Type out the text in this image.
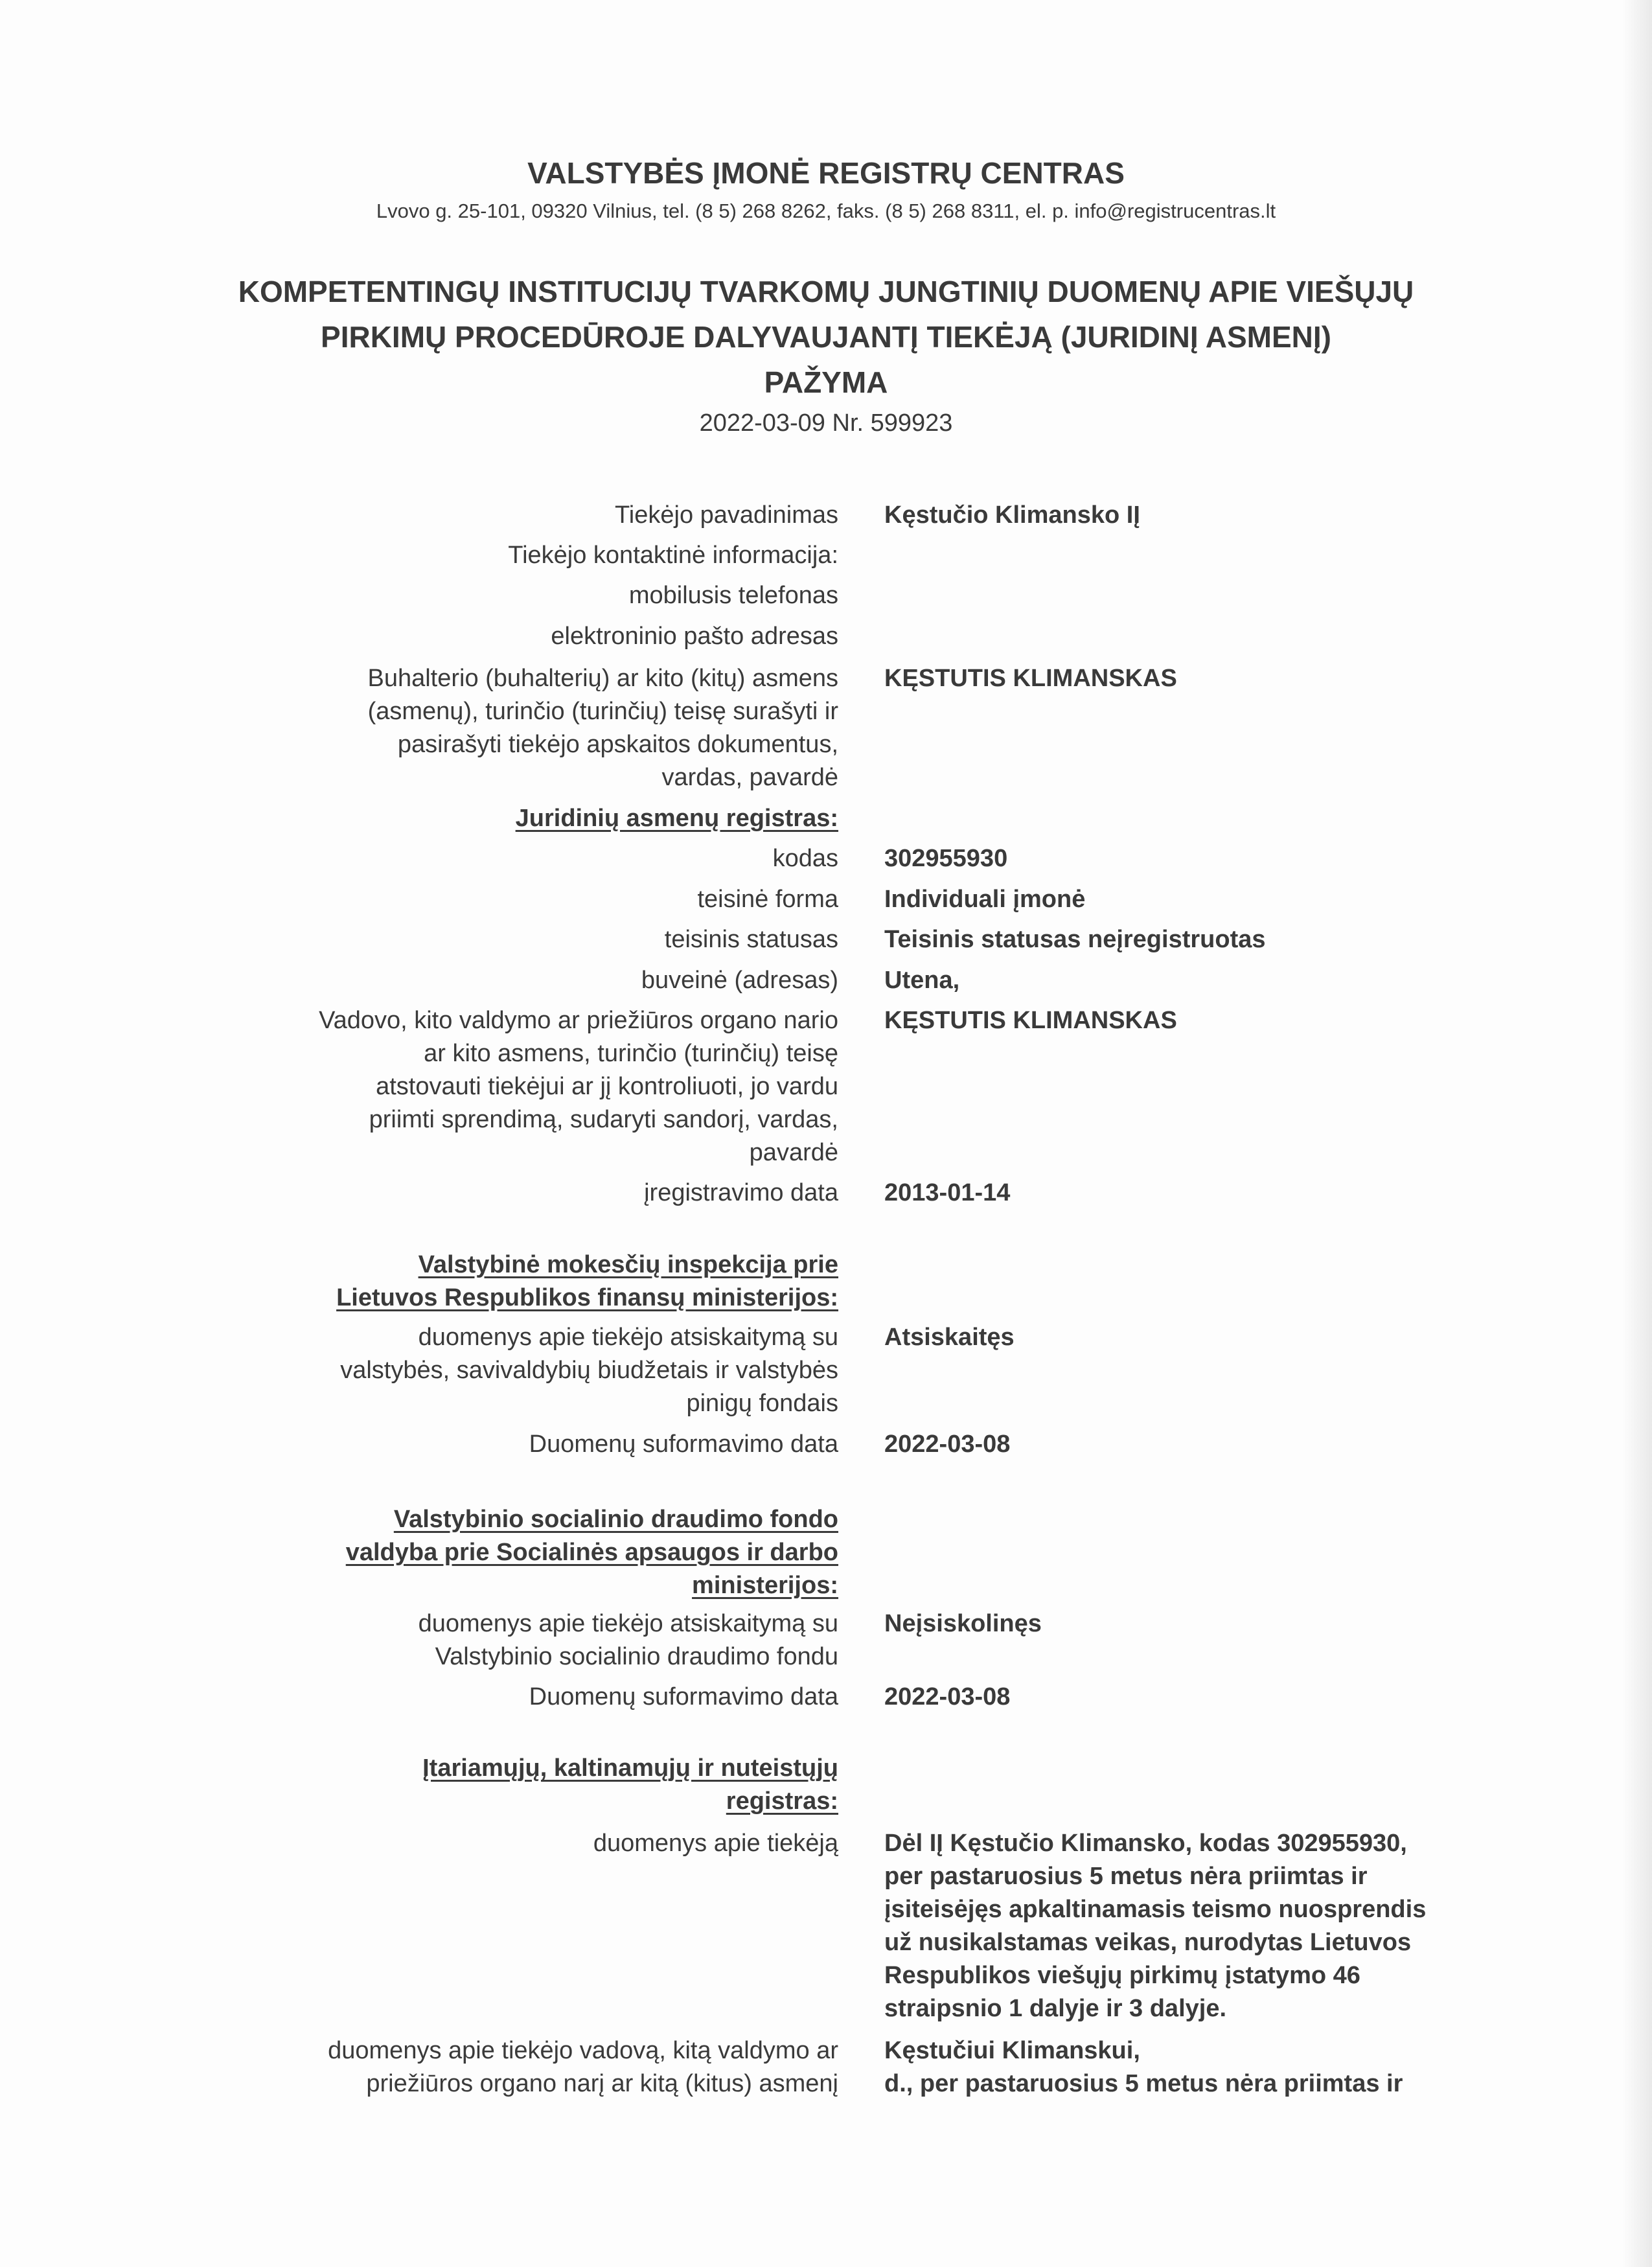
VALSTYBĖS ĮMONĖ REGISTRŲ CENTRAS
Lvovo g. 25-101, 09320 Vilnius, tel. (8 5) 268 8262, faks. (8 5) 268 8311, el. p. info@registrucentras.lt
KOMPETENTINGŲ INSTITUCIJŲ TVARKOMŲ JUNGTINIŲ DUOMENŲ APIE VIEŠŲJŲ
PIRKIMŲ PROCEDŪROJE DALYVAUJANTĮ TIEKĖJĄ (JURIDINĮ ASMENĮ)
PAŽYMA
2022-03-09 Nr. 599923
Tiekėjo pavadinimas Kęstučio Klimansko IĮ
Tiekėjo kontaktinė informacija:
mobilusis telefonas
elektroninio pašto adresas
Buhalterio (buhalterių) ar kito (kitų) asmens
(asmenų), turinčio (turinčių) teisę surašyti ir
pasirašyti tiekėjo apskaitos dokumentus,
vardas, pavardė
KĘSTUTIS KLIMANSKAS
Juridinių asmenų registras:
kodas 302955930
teisinė forma Individuali įmonė
teisinis statusas Teisinis statusas neįregistruotas
buveinė (adresas) Utena,
Vadovo, kito valdymo ar priežiūros organo nario
ar kito asmens, turinčio (turinčių) teisę
atstovauti tiekėjui ar jį kontroliuoti, jo vardu
priimti sprendimą, sudaryti sandorį, vardas,
pavardė
KĘSTUTIS KLIMANSKAS
įregistravimo data 2013-01-14
Valstybinė mokesčių inspekcija prie
Lietuvos Respublikos finansų ministerijos:
duomenys apie tiekėjo atsiskaitymą su
valstybės, savivaldybių biudžetais ir valstybės
pinigų fondais
Atsiskaitęs
Duomenų suformavimo data 2022-03-08
Valstybinio socialinio draudimo fondo
valdyba prie Socialinės apsaugos ir darbo
ministerijos:
duomenys apie tiekėjo atsiskaitymą su
Valstybinio socialinio draudimo fondu
Neįsiskolinęs
Duomenų suformavimo data 2022-03-08
Įtariamųjų, kaltinamųjų ir nuteistųjų
registras:
duomenys apie tiekėją Dėl IĮ Kęstučio Klimansko, kodas 302955930,
per pastaruosius 5 metus nėra priimtas ir
įsiteisėjęs apkaltinamasis teismo nuosprendis
už nusikalstamas veikas, nurodytas Lietuvos
Respublikos viešųjų pirkimų įstatymo 46
straipsnio 1 dalyje ir 3 dalyje.
duomenys apie tiekėjo vadovą, kitą valdymo ar
priežiūros organo narį ar kitą (kitus) asmenį
Kęstučiui Klimanskui,
d., per pastaruosius 5 metus nėra priimtas ir
